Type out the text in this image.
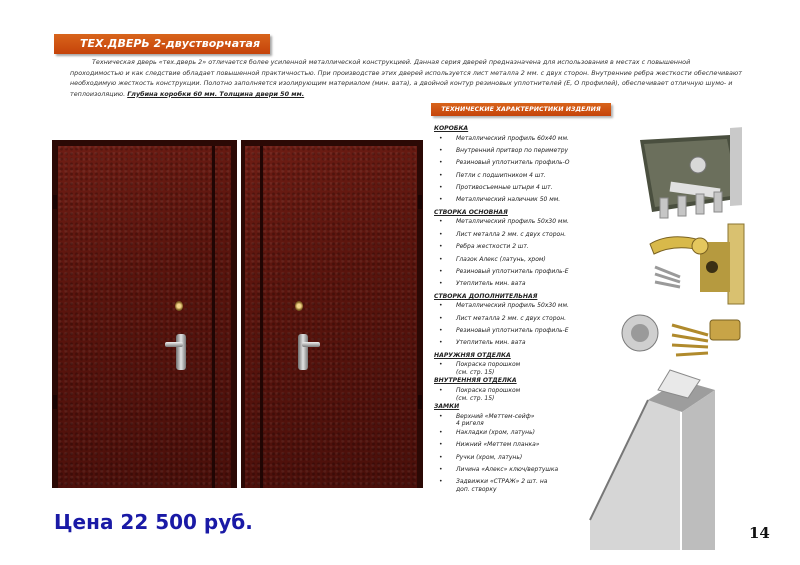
ТЕХ.ДВЕРЬ 2-двустворчатая
Техническая дверь «тех.дверь 2» отличается более усиленной металлической конструкцией. Данная серия дверей предназначена для использования в местах с повышенной проходимостью и как следствие обладает повышенной практичностью. При производстве этих дверей используется лист металла 2 мм. с двух сторон. Внутренние ребра жесткости обеспечивают необходимую жесткость конструкции. Полотно заполняется изолирующим материалом (мин. вата), а двойной контур резиновых уплотнителей (Е, О профилей), обеспечивает отличную шумо- и теплоизоляцию. Глубина коробки 60 мм. Толщина двери 50 мм.
ТЕХНИЧЕСКИЕ ХАРАКТЕРИСТИКИ ИЗДЕЛИЯ
КОРОБКА
• Металлический профиль 60х40 мм.
• Внутренний притвор по периметру
• Резиновый уплотнитель профиль-О
• Петли с подшипником 4 шт.
• Противосъемные штыри 4 шт.
• Металлический наличник 50 мм.
СТВОРКА ОСНОВНАЯ
• Металлический профиль 50х30 мм.
• Лист металла 2 мм. с двух сторон.
• Ребра жесткости 2 шт.
• Глазок Алекс (латунь, хром)
• Резиновый уплотнитель профиль-Е
• Утеплитель мин. вата
СТВОРКА ДОПОЛНИТЕЛЬНАЯ
• Металлический профиль 50х30 мм.
• Лист металла 2 мм. с двух сторон.
• Резиновый уплотнитель профиль-Е
• Утеплитель мин. вата
НАРУЖНЯЯ ОТДЕЛКА
• Покраска порошком
(см. стр. 15)
ВНУТРЕННЯЯ ОТДЕЛКА
• Покраска порошком
(см. стр. 15)
ЗАМКИ
• Верхний «Меттем-сейф»
4 ригеля
• Накладки (хром, латунь)
• Нижний «Меттем планка»
• Ручки (хром, латунь)
• Личина «Алекс» ключ/вертушка
• Задвижки «СТРАЖ» 2 шт. на
доп. створку
Цена 22 500 руб.	14
